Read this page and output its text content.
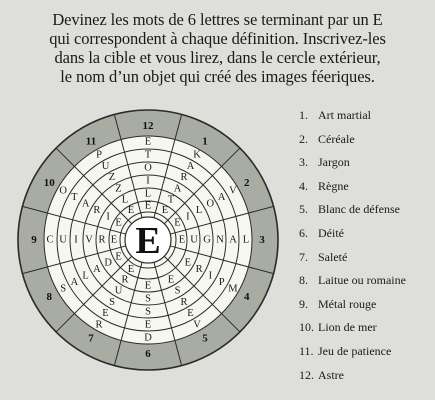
Devinez les mots de 6 lettres se terminant par un E
qui correspondent à chaque définition. Inscrivez-les
dans la cible et vous lirez, dans le cercle extérieur,
le nom d’un objet qui créé des images féeriques.

12
1
2
3
4
5
6
7
8
9
10
11	E
T
O
I
L
E
K
A
R
A
T
E
V
A
O
L
I
E
L
A
N
G
U
E
M
P
I
R
E
V
E
R
S
E
D
E
S
S
E
R
E
S
U
R
E
S
A
L
A
D
E
C U I V R E
O
T
A
R
I
E
P
U
Z
Z
L
E
E
1. Art martial
2. Céréale
3. Jargon
4. Règne
5. Blanc de défense
6. Déité
7. Saleté
8. Laitue ou romaine
9. Métal rouge
10. Lion de mer
11. Jeu de patience
12. Astre
